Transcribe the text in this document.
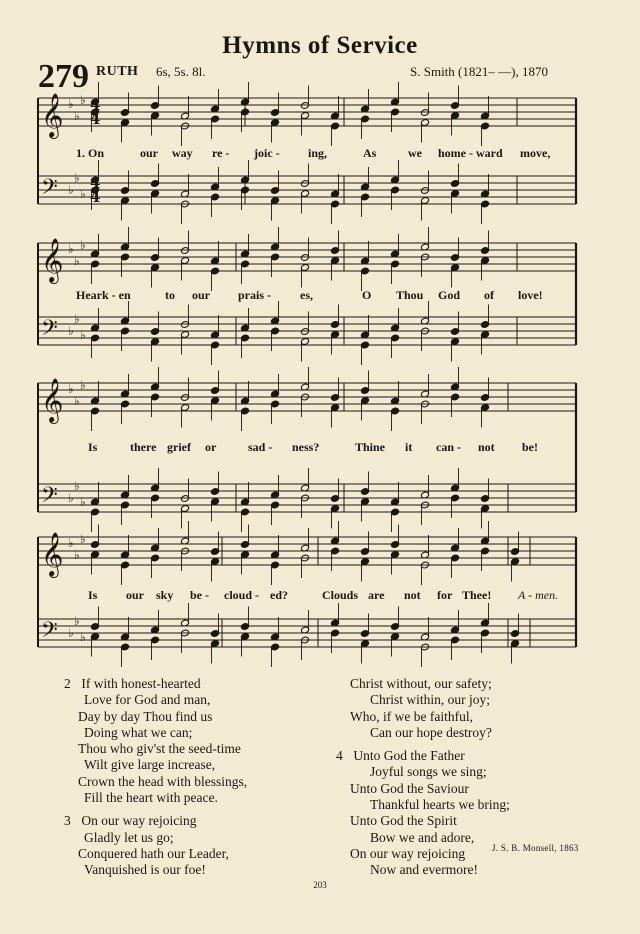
Hymns of Service
279 RUTH 6s, 5s. 8l.	S. Smith (1821– —), 1870
𝄞 ♭
♭
♭
𝄢 ♭
♭
♭
𝄞 ♭
♭
♭
𝄢 ♭
♭
♭
𝄞 ♭
♭
♭
𝄢 ♭
♭
♭
𝄞 ♭
♭
♭
𝄢 ♭
♭
♭
4
4
4
4
1. On	our way re - joic - ing,	As	we home - ward move,
Heark - en	to our prais - es,	O Thou God of love!
Is	there grief or	sad - ness?	Thine it can - not be!
Is our sky be - cloud - ed?	Clouds are not for Thee! A - men.
2 If with honest-hearted
Love for God and man,
Day by day Thou find us
Doing what we can;
Thou who giv'st the seed-time
Wilt give large increase,
Crown the head with blessings,
Fill the heart with peace.
3 On our way rejoicing
Gladly let us go;
Conquered hath our Leader,
Vanquished is our foe!
Christ without, our safety;
Christ within, our joy;
Who, if we be faithful,
Can our hope destroy?
4 Unto God the Father
Joyful songs we sing;
Unto God the Saviour
Thankful hearts we bring;
Unto God the Spirit
Bow we and adore,
On our way rejoicing
Now and evermore!
J. S. B. Monsell, 1863
203
